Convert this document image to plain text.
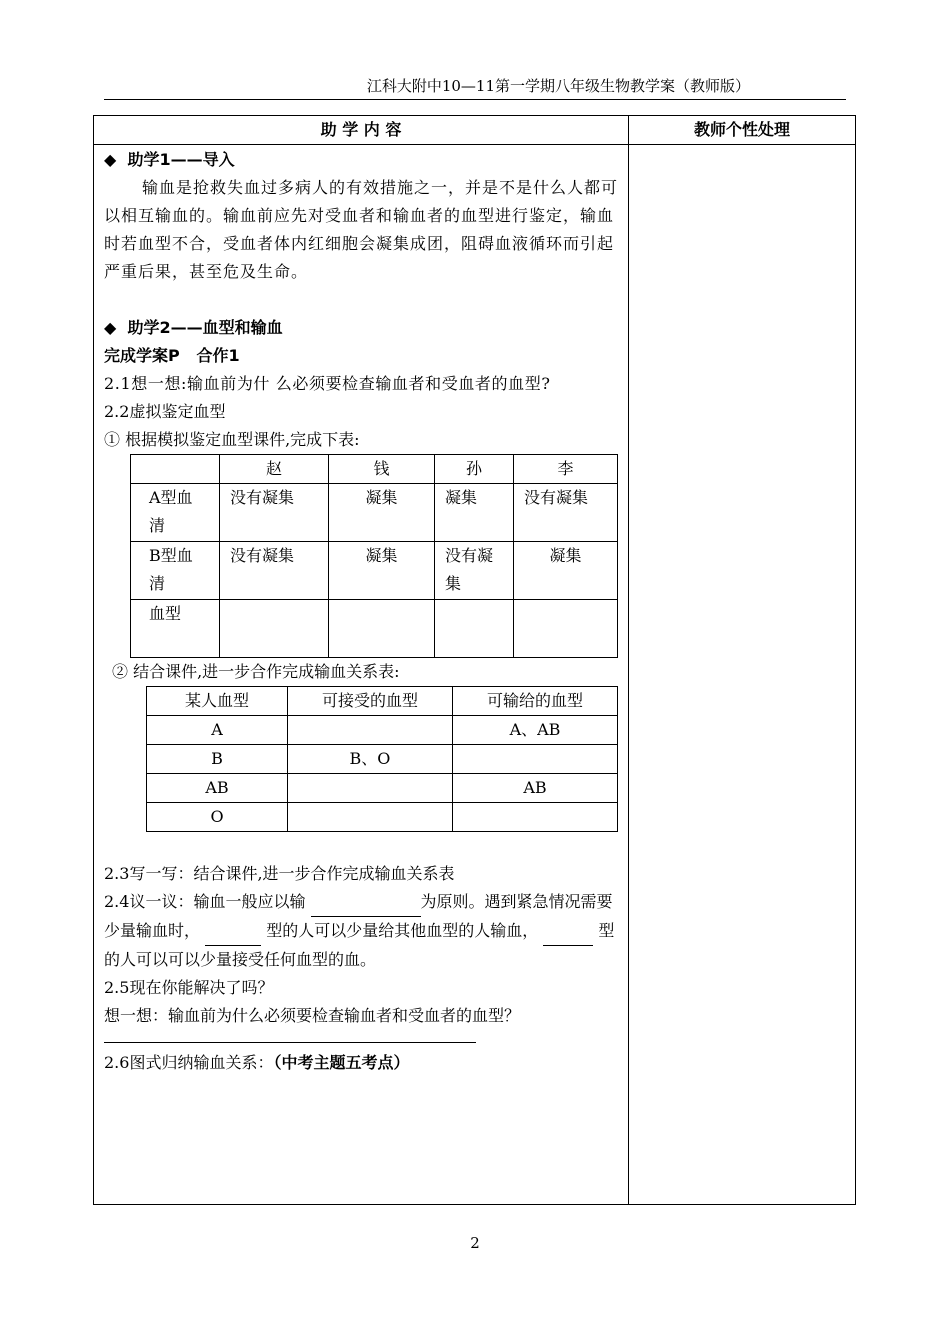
江科大附中10—11第一学期八年级生物教学案（教师版）
助 学 内 容	教师个性处理
◆ 助学1——导入
输血是抢救失血过多病人的有效措施之一，并是不是什么人都可以相互输血的。输血前应先对受血者和输血者的血型进行鉴定，输血时若血型不合，受血者体内红细胞会凝集成团，阻碍血液循环而引起严重后果，甚至危及生命。
◆ 助学2——血型和输血
完成学案P   合作1
2.1想一想:输血前为什 么必须要检查输血者和受血者的血型?
2.2虚拟鉴定血型
① 根据模拟鉴定血型课件,完成下表:
	赵	钱	孙	李
A型血清	没有凝集	凝集	凝集	没有凝集
B型血清	没有凝集	凝集	没有凝集	凝集
血型				
② 结合课件,进一步合作完成输血关系表:
某人血型	可接受的血型	可输给的血型
A		A、AB
B	B、O	
AB		AB
O		
2.3写一写：结合课件,进一步合作完成输血关系表
2.4议一议：输血一般应以输	为原则。遇到紧急情况需要少量输血时，	型的人可以少量给其他血型的人输血，	型的人可以可以少量接受任何血型的血。
2.5现在你能解决了吗？
想一想：输血前为什么必须要检查输血者和受血者的血型？
2.6图式归纳输血关系：（中考主题五考点）
2
